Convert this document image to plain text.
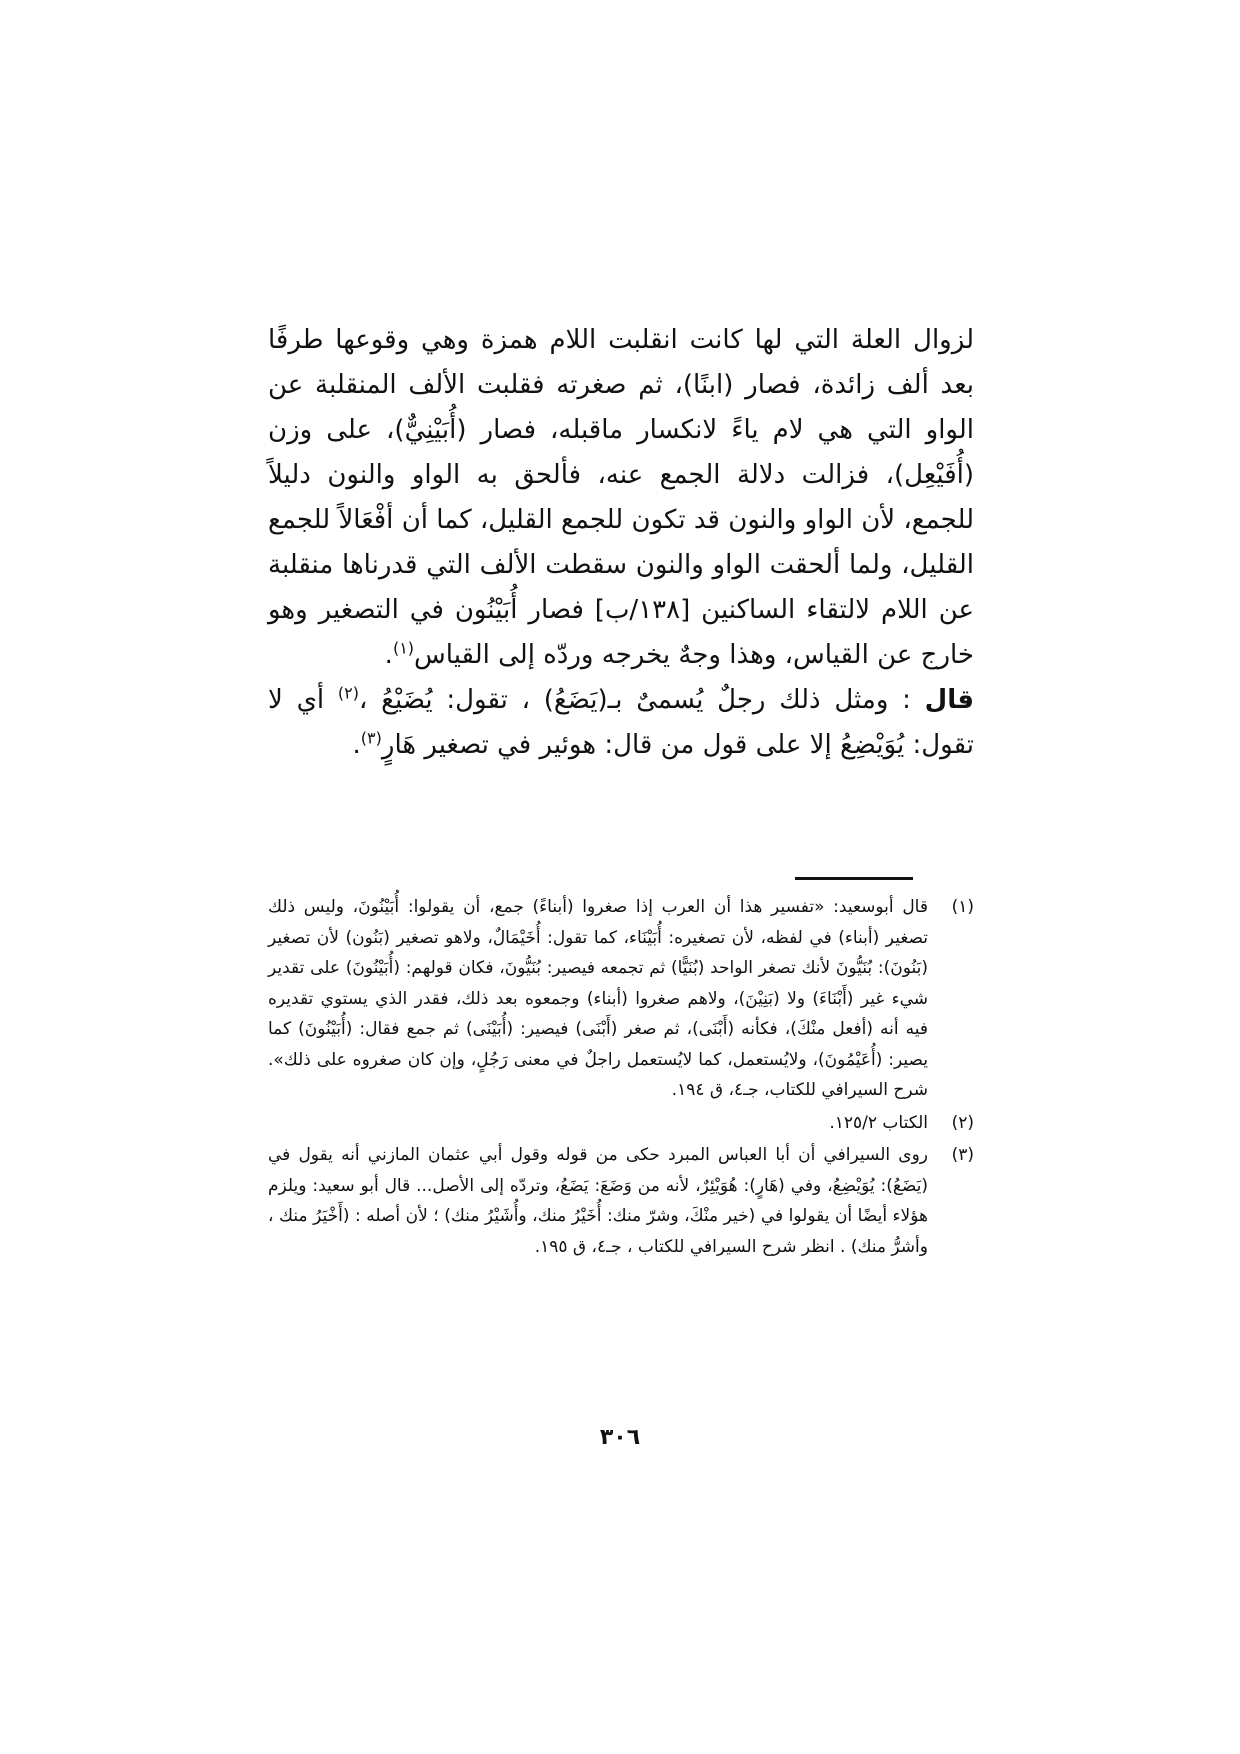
لزوال العلة التي لها كانت انقلبت اللام همزة وهي وقوعها طرفًا بعد ألف زائدة، فصار (ابنًا)، ثم صغرته فقلبت الألف المنقلبة عن الواو التي هي لام ياءً لانكسار ماقبله، فصار (أُبَيْنِيٌّ)، على وزن (أُفَيْعِل)، فزالت دلالة الجمع عنه، فألحق به الواو والنون دليلاً للجمع، لأن الواو والنون قد تكون للجمع القليل، كما أن أفْعَالاً للجمع القليل، ولما ألحقت الواو والنون سقطت الألف التي قدرناها منقلبة عن اللام لالتقاء الساكنين [١٣٨/ب] فصار أُبَيْنُون في التصغير وهو خارج عن القياس، وهذا وجهٌ يخرجه وردّه إلى القياس$^{(١)}$.

قال : ومثل ذلك رجلٌ يُسمىٌ بـ(يَضَعُ) ، تقول: يُضَيْعُ ،$^{(٢)}$ أي لا تقول: يُوَيْضِعُ إلا على قول من قال: هوئير في تصغير هَارٍ$^{(٣)}$.

(١)
قال أبوسعيد: «تفسير هذا أن العرب إذا صغروا (أبناءً) جمع، أن يقولوا: أُبَيْنُونَ، وليس ذلك تصغير (أبناء) في لفظه، لأن تصغيره: أُبَيْنَاء، كما تقول: أُخَيْمَالٌ، ولاهو تصغير (بَنُون) لأن تصغير (بَنُونَ): بُنَيُّونَ لأنك تصغر الواحد (بُنَيًّا) ثم تجمعه فيصير: بُنَيُّونَ، فكان قولهم: (أُبَيْنُونَ) على تقدير شيء غير (أَبْنَاءَ) ولا (بَنِيْنَ)، ولاهم صغروا (أبناء) وجمعوه بعد ذلك، فقدر الذي يستوي تقديره فيه أنه (أفعل منْكَ)، فكأنه (أَبْنَى)، ثم صغر (أَبْنَى) فيصير: (أُبَيْنَى) ثم جمع فقال: (أُبَيْنُونَ) كما يصير: (أُعَيْمُونَ)، ولايُستعمل، كما لايُستعمل راجلٌ في معنى رَجُلٍ، وإن كان صغروه على ذلك». شرح السيرافي للكتاب، جـ٤، ق ١٩٤.
(٢)
الكتاب ١٢٥/٢.
(٣)
روى السيرافي أن أبا العباس المبرد حكى من قوله وقول أبي عثمان المازني أنه يقول في (يَضَعُ): يُوَيْضِعُ، وفي (هَارٍ): هُوَيْئِرٌ، لأنه من وَضَعَ: يَضَعُ، وتردّه إلى الأصل... قال أبو سعيد: ويلزم هؤلاء أيضًا أن يقولوا في (خير منْكَ، وشرّ منك: أُخَيْرُ منك، وأُشَيْرُ منك) ؛ لأن أصله : (أَخْيَرُ منك ، وأشرُّ منك) . انظر شرح السيرافي للكتاب ، جـ٤، ق ١٩٥.
٣٠٦
